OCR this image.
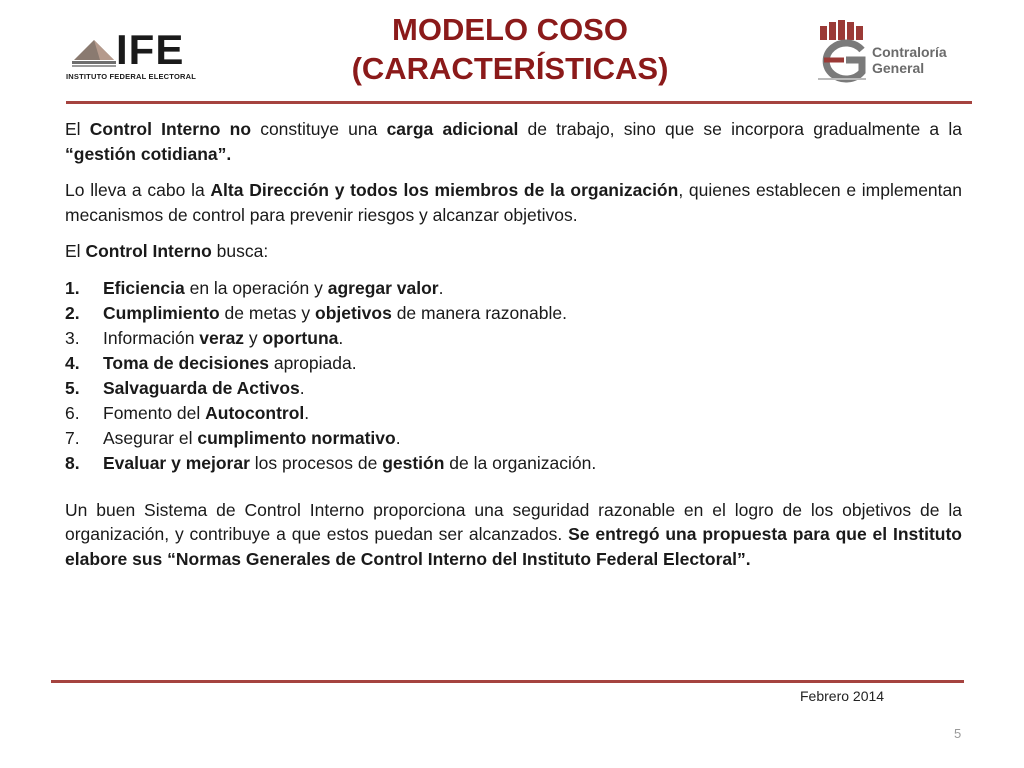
IFE
INSTITUTO FEDERAL ELECTORAL
MODELO COSO
(CARACTERÍSTICAS)	Contraloría
General

El Control Interno no constituye una carga adicional de trabajo, sino que se incorpora gradualmente a la “gestión cotidiana”.

Lo lleva a cabo la Alta Dirección y todos los miembros de la organización, quienes establecen e implementan mecanismos de control para prevenir riesgos y alcanzar objetivos.

El Control Interno busca:

1.	Eficiencia en la operación y agregar valor.
2.	Cumplimiento de metas y objetivos de manera razonable.
3.	Información veraz y oportuna.
4.	Toma de decisiones apropiada.
5.	Salvaguarda de Activos.
6.	Fomento del Autocontrol.
7.	Asegurar el cumplimento normativo.
8.	Evaluar y mejorar los procesos de gestión de la organización.

Un buen Sistema de Control Interno proporciona una seguridad razonable en el logro de los objetivos de la organización, y contribuye a que estos puedan ser alcanzados. Se entregó una propuesta para que el Instituto elabore sus “Normas Generales de Control Interno del Instituto Federal Electoral”.

Febrero 2014
5
